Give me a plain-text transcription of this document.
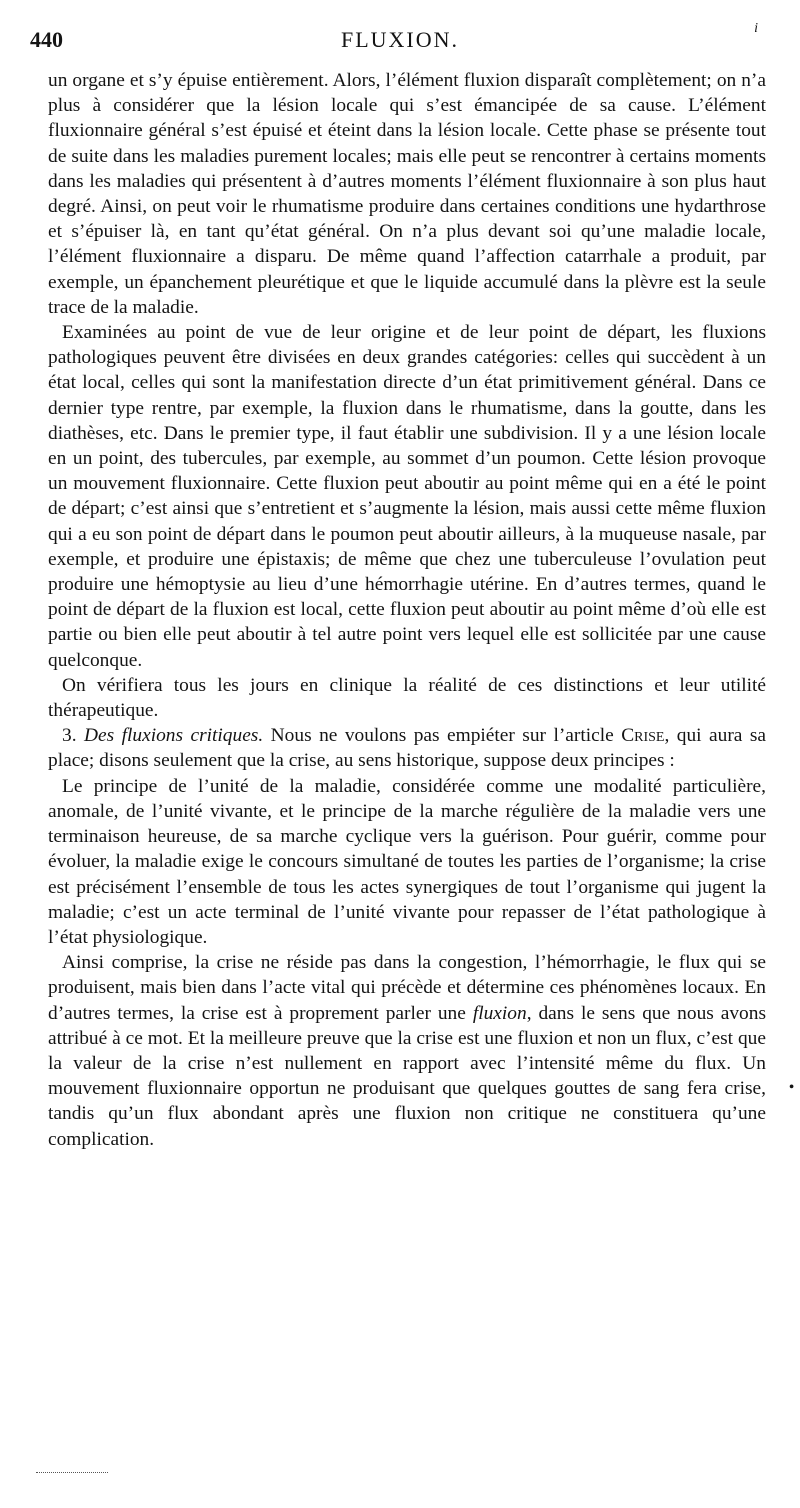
440	FLUXION.	i

un organe et s’y épuise entièrement. Alors, l’élément fluxion disparaît complètement; on n’a plus à considérer que la lésion locale qui s’est émancipée de sa cause. L’élément fluxionnaire général s’est épuisé et éteint dans la lésion locale. Cette phase se présente tout de suite dans les maladies purement locales; mais elle peut se rencontrer à certains moments dans les maladies qui présentent à d’autres moments l’élément fluxionnaire à son plus haut degré. Ainsi, on peut voir le rhumatisme produire dans certaines conditions une hydarthrose et s’épuiser là, en tant qu’état général. On n’a plus devant soi qu’une maladie locale, l’élément fluxionnaire a disparu. De même quand l’affection catarrhale a produit, par exemple, un épanchement pleurétique et que le liquide accumulé dans la plèvre est la seule trace de la maladie.

Examinées au point de vue de leur origine et de leur point de départ, les fluxions pathologiques peuvent être divisées en deux grandes catégories: celles qui succèdent à un état local, celles qui sont la manifestation directe d’un état primitivement général. Dans ce dernier type rentre, par exemple, la fluxion dans le rhumatisme, dans la goutte, dans les diathèses, etc. Dans le premier type, il faut établir une subdivision. Il y a une lésion locale en un point, des tubercules, par exemple, au sommet d’un poumon. Cette lésion provoque un mouvement fluxionnaire. Cette fluxion peut aboutir au point même qui en a été le point de départ; c’est ainsi que s’entretient et s’augmente la lésion, mais aussi cette même fluxion qui a eu son point de départ dans le poumon peut aboutir ailleurs, à la muqueuse nasale, par exemple, et produire une épistaxis; de même que chez une tuberculeuse l’ovulation peut produire une hémoptysie au lieu d’une hémorrhagie utérine. En d’autres termes, quand le point de départ de la fluxion est local, cette fluxion peut aboutir au point même d’où elle est partie ou bien elle peut aboutir à tel autre point vers lequel elle est sollicitée par une cause quelconque.

On vérifiera tous les jours en clinique la réalité de ces distinctions et leur utilité thérapeutique.

3. Des fluxions critiques. Nous ne voulons pas empiéter sur l’article Crise, qui aura sa place; disons seulement que la crise, au sens historique, suppose deux principes :

Le principe de l’unité de la maladie, considérée comme une modalité particulière, anomale, de l’unité vivante, et le principe de la marche régulière de la maladie vers une terminaison heureuse, de sa marche cyclique vers la guérison. Pour guérir, comme pour évoluer, la maladie exige le concours simultané de toutes les parties de l’organisme; la crise est précisément l’ensemble de tous les actes synergiques de tout l’organisme qui jugent la maladie; c’est un acte terminal de l’unité vivante pour repasser de l’état pathologique à l’état physiologique.

Ainsi comprise, la crise ne réside pas dans la congestion, l’hémorrhagie, le flux qui se produisent, mais bien dans l’acte vital qui précède et détermine ces phénomènes locaux. En d’autres termes, la crise est à proprement parler une fluxion, dans le sens que nous avons attribué à ce mot. Et la meilleure preuve que la crise est une fluxion et non un flux, c’est que la valeur de la crise n’est nullement en rapport avec l’intensité même du flux. Un mouvement fluxionnaire opportun ne produisant que quelques gouttes de sang fera crise, tandis qu’un flux abondant après une fluxion non critique ne constituera qu’une complication.

•
